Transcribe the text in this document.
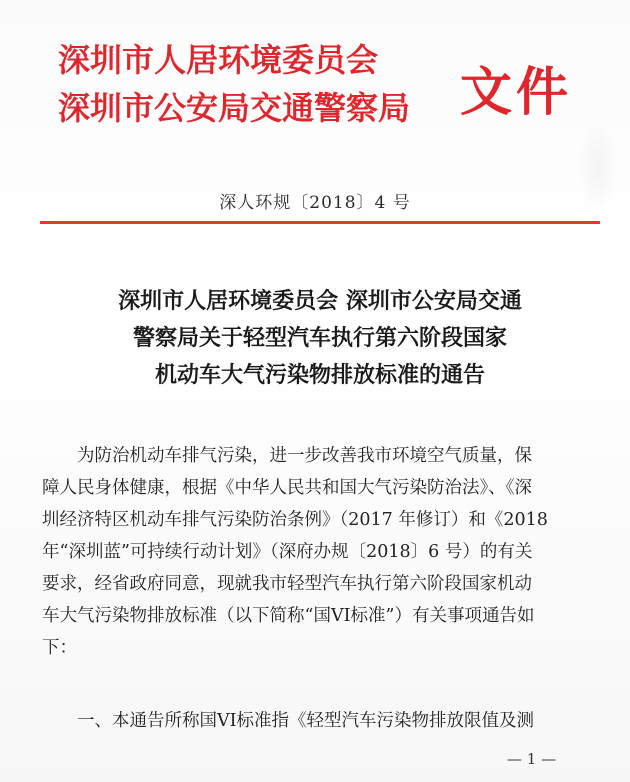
深圳市人居环境委员会
深圳市公安局交通警察局 文件
深人环规〔2018〕4 号
深圳市人居环境委员会 深圳市公安局交通
警察局关于轻型汽车执行第六阶段国家
机动车大气污染物排放标准的通告
为防治机动车排气污染，进一步改善我市环境空气质量，保
障人民身体健康，根据《中华人民共和国大气污染防治法》、《深
圳经济特区机动车排气污染防治条例》（2017 年修订）和《2018
年“深圳蓝”可持续行动计划》（深府办规〔2018〕6 号）的有关
要求，经省政府同意，现就我市轻型汽车执行第六阶段国家机动
车大气污染物排放标准（以下简称“国VI标准”）有关事项通告如
下：
一、本通告所称国VI标准指《轻型汽车污染物排放限值及测
— 1 —
